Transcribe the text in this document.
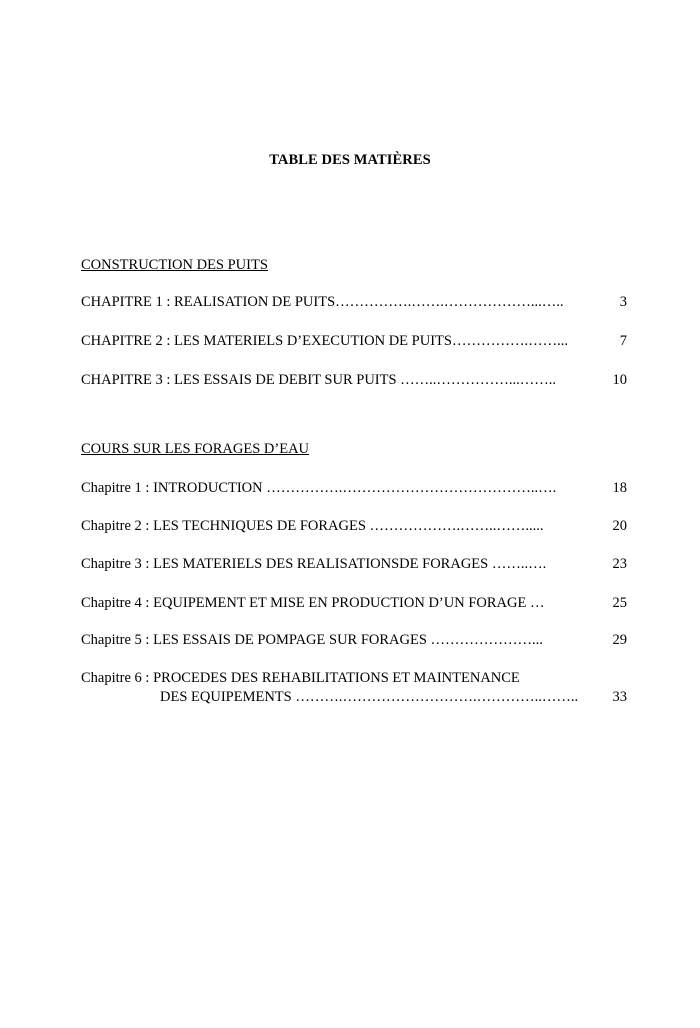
TABLE DES MATIÈRES
CONSTRUCTION DES PUITS
CHAPITRE 1 : REALISATION DE PUITS…………….…….………………...…..	3
CHAPITRE 2 : LES MATERIELS D’EXECUTION DE PUITS…………….……...	7
CHAPITRE 3 : LES ESSAIS DE DEBIT SUR PUITS ……..……………...……..	10
COURS SUR LES FORAGES D’EAU
Chapitre 1 : INTRODUCTION …………….…………………………………..….	18
Chapitre 2 : LES TECHNIQUES DE FORAGES ……………….……..…….....	20
Chapitre 3 : LES MATERIELS DES REALISATIONSDE FORAGES ……..….	23
Chapitre 4 : EQUIPEMENT ET MISE EN PRODUCTION D’UN FORAGE …	25
Chapitre 5 : LES ESSAIS DE POMPAGE SUR FORAGES …………………...	29
Chapitre 6 : PROCEDES DES REHABILITATIONS ET MAINTENANCE
DES EQUIPEMENTS ……….……………………….…………..…….. 33
